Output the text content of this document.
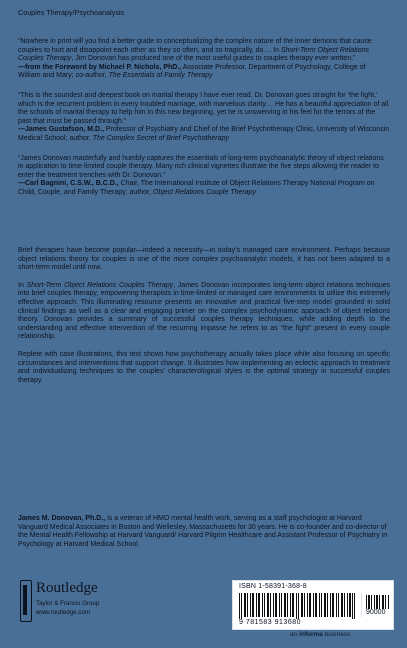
Couples Therapy/Psychoanalysis
“Nowhere in print will you find a better guide to conceptualizing the complex nature of the inner demons that cause couples to hurt and disappoint each other as they so often, and so tragically, do.... In Short-Term Object Relations Couples Therapy, Jim Donovan has produced one of the most useful guides to couples therapy ever written.”
—from the Foreword by Michael P. Nichols, PhD., Associate Professor, Department of Psychology, College of William and Mary; co-author, The Essentials of Family Therapy
“This is the soundest and deepest book on marital therapy I have ever read. Dr. Donovan goes straight for ‘the fight,’ which is the recurrent problem in every troubled marriage, with marvelous clarity.... He has a beautiful appreciation of all the schools of marital therapy to help him in this new beginning, yet he is unswerving in his feel for the terrors of the past that must be passed through.”
—James Gustafson, M.D., Professor of Psychiatry and Chief of the Brief Psychotherapy Clinic, University of Wisconsin Medical School; author, The Complex Secret of Brief Psychotherapy
“James Donovan masterfully and humbly captures the essentials of long-term psychoanalytic theory of object relations in application to time-limited couple therapy. Many rich clinical vignettes illustrate the five steps allowing the reader to enter the treatment trenches with Dr. Donovan.”
—Carl Bagnini, C.S.W., B.C.D., Chair, The International Institute of Object Relations Therapy National Program on Child, Couple, and Family Therapy; author, Object Relations Couple Therapy

Brief therapies have become popular—indeed a necessity—in today’s managed care environment. Perhaps because object relations theory for couples is one of the more complex psychoanalytic models, it has not been adapted to a short-term model until now.

In Short-Term Object Relations Couples Therapy, James Donovan incorporates long-term object relations techniques into brief couples therapy, empowering therapists in time-limited or managed care environments to utilize this extremely effective approach. This illuminating resource presents an innovative and practical five-step model grounded in solid clinical findings as well as a clear and engaging primer on the complex psychodynamic approach of object relations theory. Donovan provides a summary of successful couples therapy techniques, while adding depth to the understanding and effective intervention of the recurring impasse he refers to as “the fight” present in every couple relationship.

Replete with case illustrations, this text shows how psychotherapy actually takes place while also focusing on specific circumstances and interventions that support change. It illustrates how implementing an eclectic approach to treatment and individualizing techniques to the couples’ characterological styles is the optimal strategy in successful couples therapy.

James M. Donovan, Ph.D., is a veteran of HMO mental health work, serving as a staff psychologist at Harvard Vanguard Medical Associates in Boston and Wellesley, Massachusetts for 30 years. He is co-founder and co-director of the Mental Health Fellowship at Harvard Vanguard/ Harvard Pilgrim Healthcare and Assistant Professor of Psychiatry in Psychology at Harvard Medical School.
Routledge
Taylor & Francis Group
www.routledge.com
ISBN 1-58391-368-8
9 781583 913680
90000
an informa business
